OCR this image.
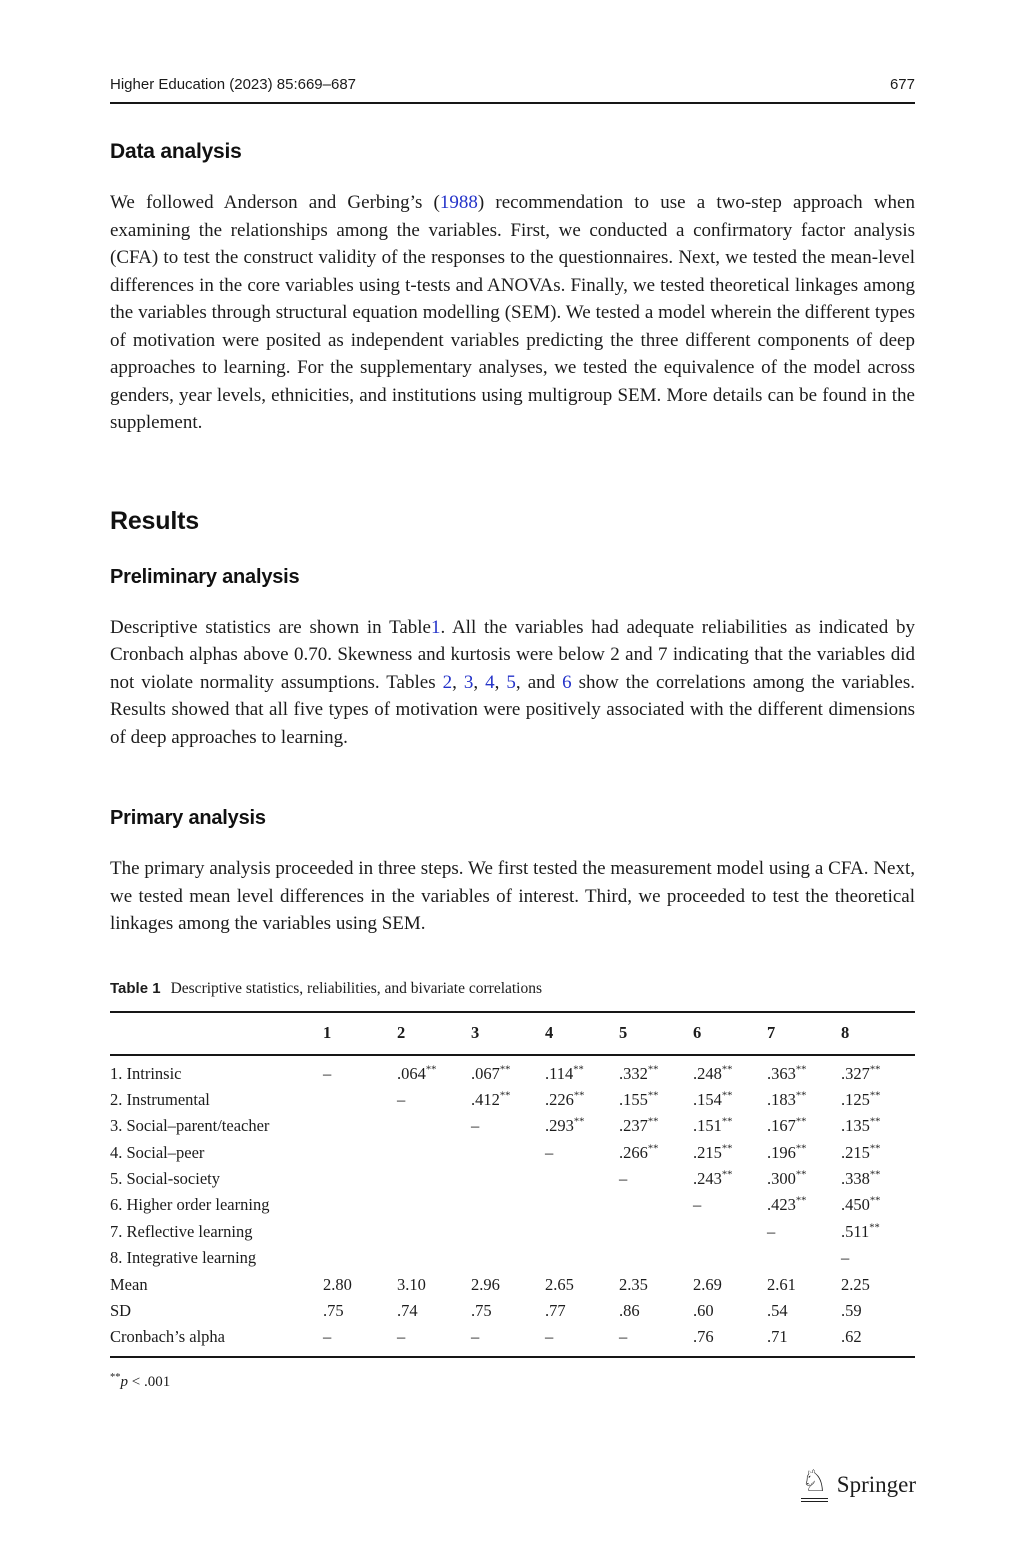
Higher Education (2023) 85:669–687	677
Data analysis

We followed Anderson and Gerbing’s (1988) recommendation to use a two-step approach when examining the relationships among the variables. First, we conducted a confirmatory factor analysis (CFA) to test the construct validity of the responses to the questionnaires. Next, we tested the mean-level differences in the core variables using t-tests and ANOVAs. Finally, we tested theoretical linkages among the variables through structural equation modelling (SEM). We tested a model wherein the different types of motivation were posited as independent variables predicting the three different components of deep approaches to learning. For the supplementary analyses, we tested the equivalence of the model across genders, year levels, ethnicities, and institutions using multigroup SEM. More details can be found in the supplement.

Results
Preliminary analysis

Descriptive statistics are shown in Table1. All the variables had adequate reliabilities as indicated by Cronbach alphas above 0.70. Skewness and kurtosis were below 2 and 7 indicating that the variables did not violate normality assumptions. Tables 2, 3, 4, 5, and 6 show the correlations among the variables. Results showed that all five types of motivation were positively associated with the different dimensions of deep approaches to learning.

Primary analysis

The primary analysis proceeded in three steps. We first tested the measurement model using a CFA. Next, we tested mean level differences in the variables of interest. Third, we proceeded to test the theoretical linkages among the variables using SEM.

Table 1 Descriptive statistics, reliabilities, and bivariate correlations
	1	2	3	4	5	6	7	8
1. Intrinsic	–	.064**	.067**	.114**	.332**	.248**	.363**	.327**
2. Instrumental		–	.412**	.226**	.155**	.154**	.183**	.125**
3. Social–parent/teacher			–	.293**	.237**	.151**	.167**	.135**
4. Social–peer				–	.266**	.215**	.196**	.215**
5. Social-society					–	.243**	.300**	.338**
6. Higher order learning						–	.423**	.450**
7. Reflective learning							–	.511**
8. Integrative learning								–
Mean	2.80	3.10	2.96	2.65	2.35	2.69	2.61	2.25
SD	.75	.74	.75	.77	.86	.60	.54	.59
Cronbach’s alpha	–	–	–	–	–	.76	.71	.62
**p < .001
♘ Springer
